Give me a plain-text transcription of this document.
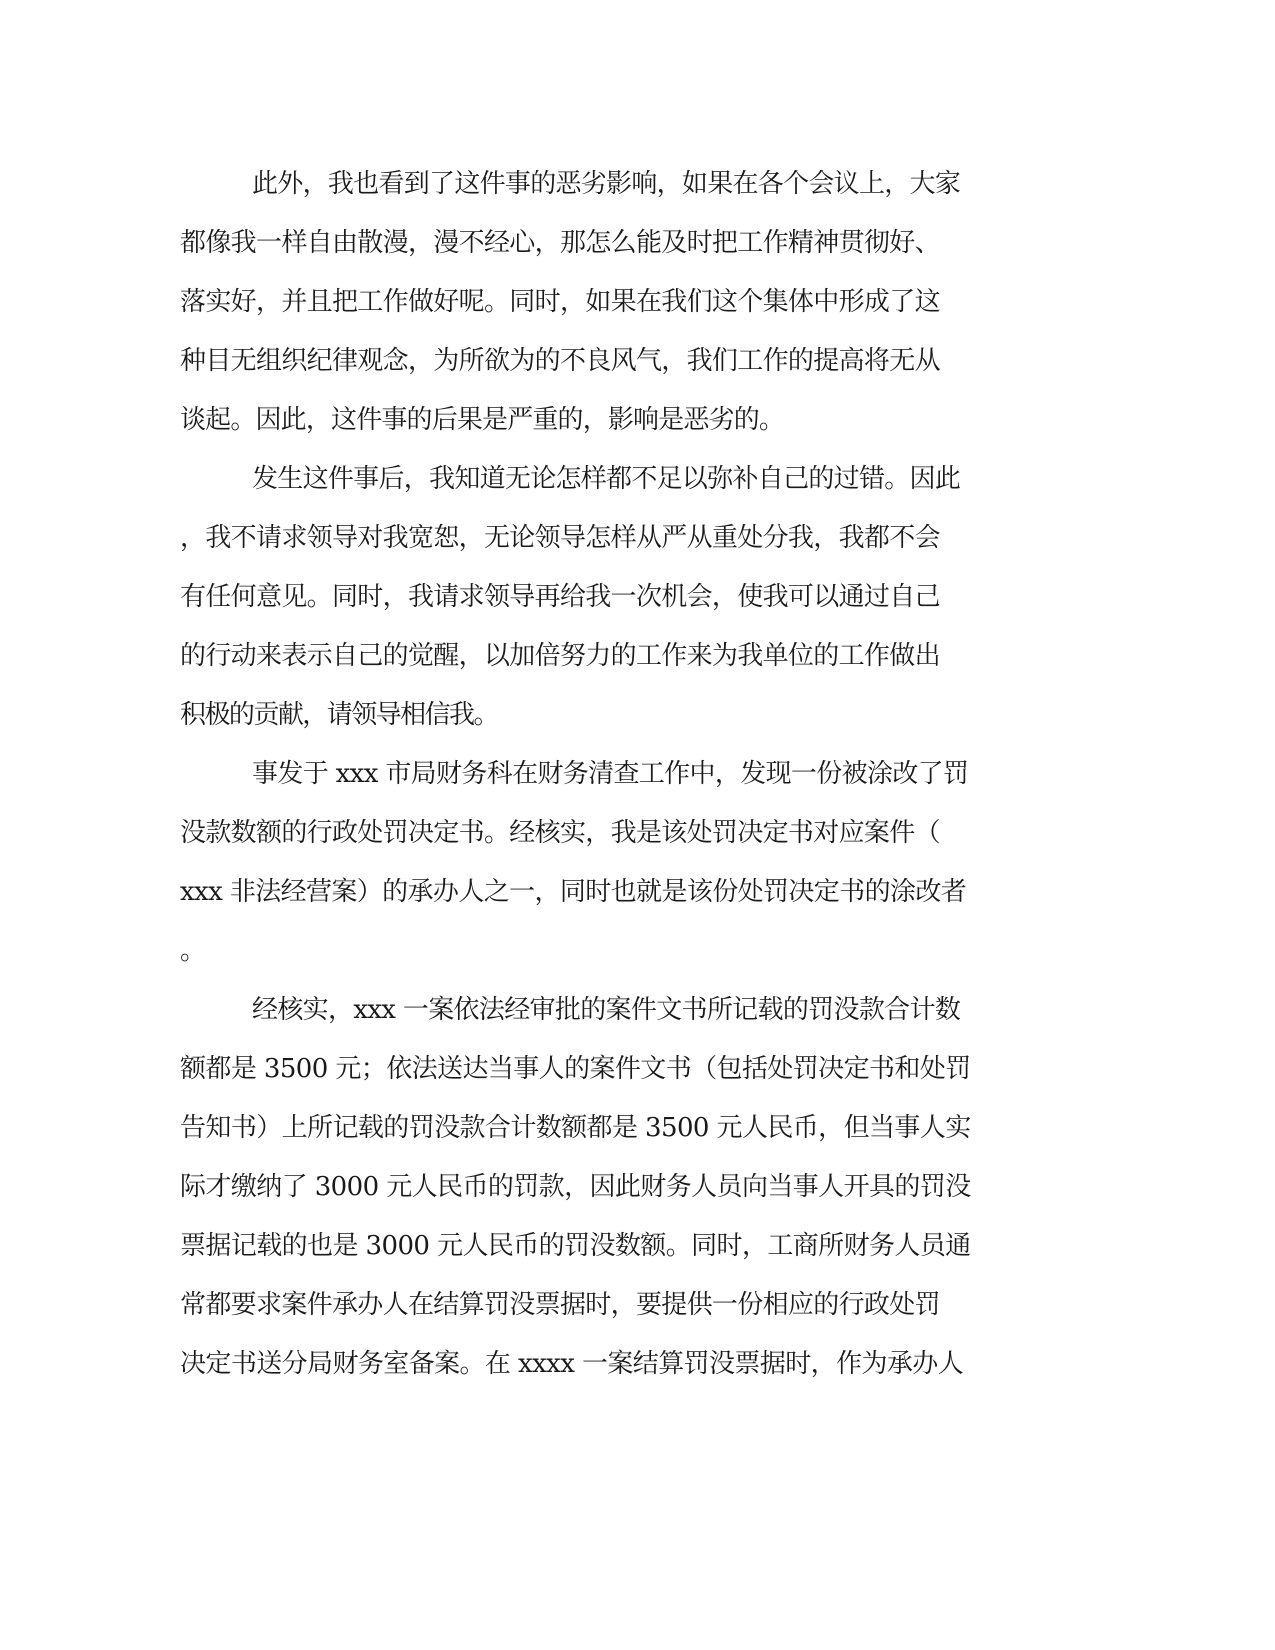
此外，我也看到了这件事的恶劣影响，如果在各个会议上，大家
都像我一样自由散漫，漫不经心，那怎么能及时把工作精神贯彻好、
落实好，并且把工作做好呢。同时，如果在我们这个集体中形成了这
种目无组织纪律观念，为所欲为的不良风气，我们工作的提高将无从
谈起。因此，这件事的后果是严重的，影响是恶劣的。
发生这件事后，我知道无论怎样都不足以弥补自己的过错。因此
，我不请求领导对我宽恕，无论领导怎样从严从重处分我，我都不会
有任何意见。同时，我请求领导再给我一次机会，使我可以通过自己
的行动来表示自己的觉醒，以加倍努力的工作来为我单位的工作做出
积极的贡献，请领导相信我。
事发于 xxx 市局财务科在财务清查工作中，发现一份被涂改了罚
没款数额的行政处罚决定书。经核实，我是该处罚决定书对应案件（
xxx 非法经营案）的承办人之一，同时也就是该份处罚决定书的涂改者
。
经核实，xxx 一案依法经审批的案件文书所记载的罚没款合计数
额都是 3500 元；依法送达当事人的案件文书（包括处罚决定书和处罚
告知书）上所记载的罚没款合计数额都是 3500 元人民币，但当事人实
际才缴纳了 3000 元人民币的罚款，因此财务人员向当事人开具的罚没
票据记载的也是 3000 元人民币的罚没数额。同时，工商所财务人员通
常都要求案件承办人在结算罚没票据时，要提供一份相应的行政处罚
决定书送分局财务室备案。在 xxxx 一案结算罚没票据时，作为承办人
